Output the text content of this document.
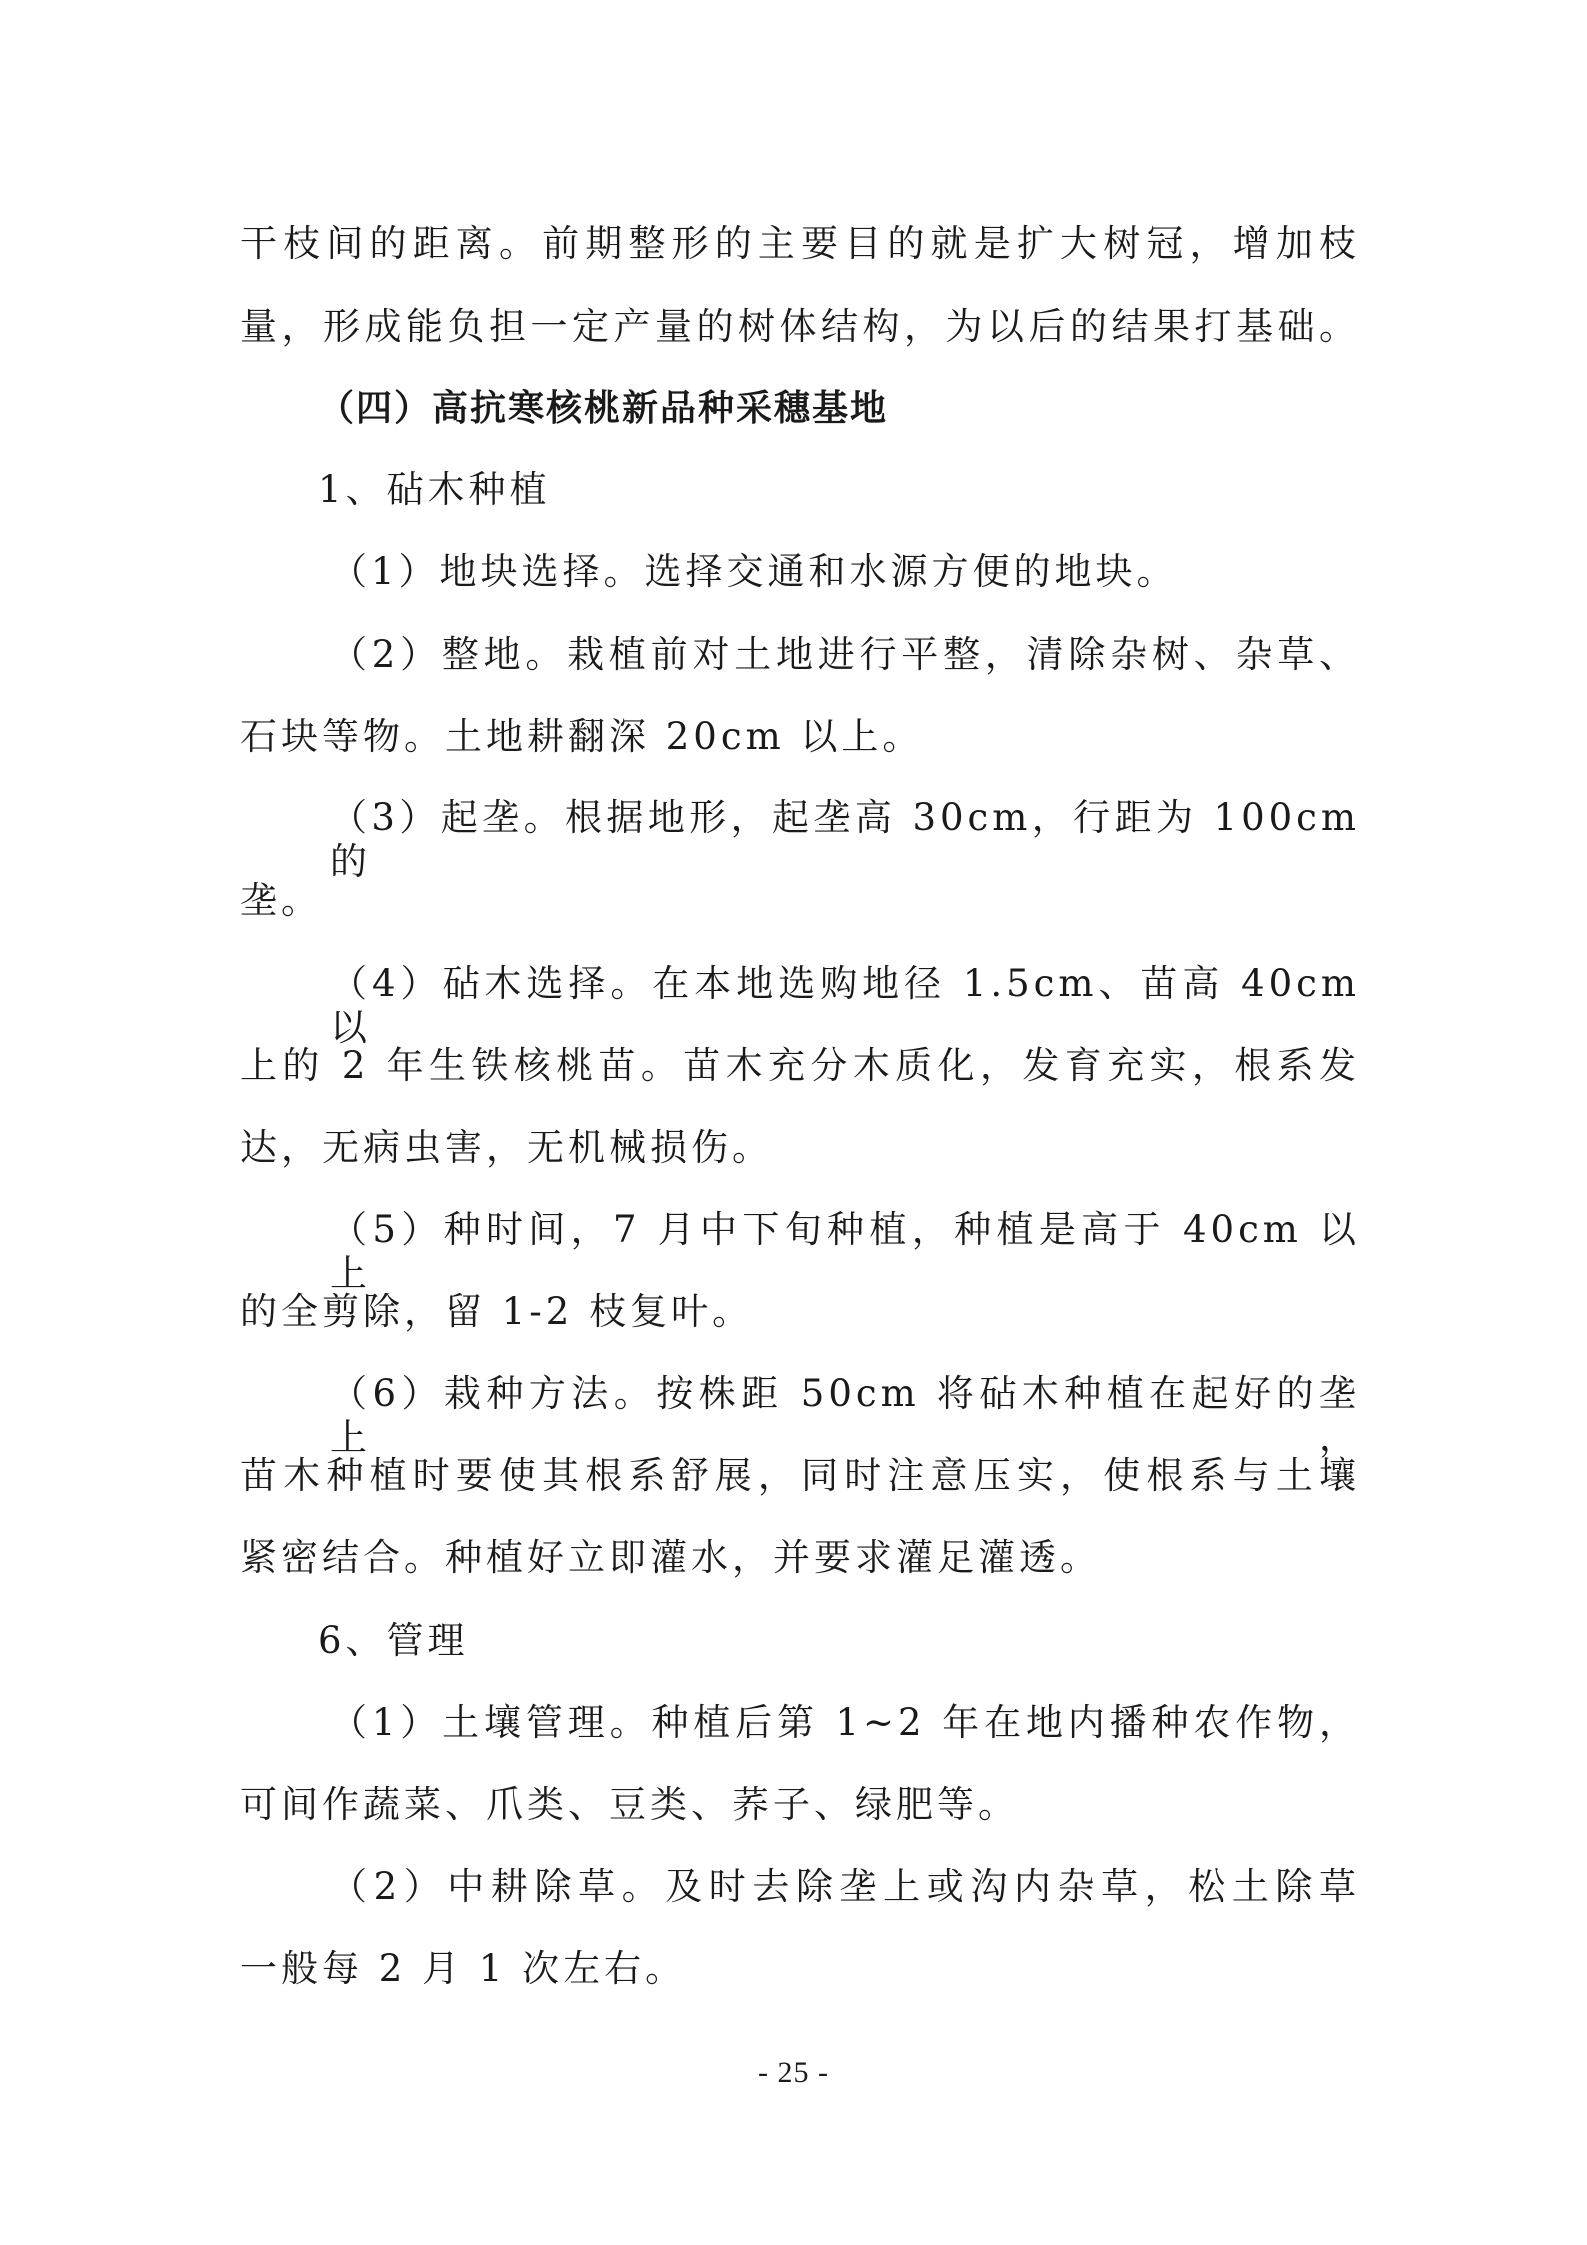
干枝间的距离。前期整形的主要目的就是扩大树冠，增加枝
量，形成能负担一定产量的树体结构，为以后的结果打基础。
（四）高抗寒核桃新品种采穗基地
1、砧木种植
（1）地块选择。选择交通和水源方便的地块。
（2）整地。栽植前对土地进行平整，清除杂树、杂草、
石块等物。土地耕翻深 20cm 以上。
（3）起垄。根据地形，起垄高 30cm，行距为 100cm 的
垄。
（4）砧木选择。在本地选购地径 1.5cm、苗高 40cm 以
上的 2 年生铁核桃苗。苗木充分木质化，发育充实，根系发
达，无病虫害，无机械损伤。
（5）种时间，7 月中下旬种植，种植是高于 40cm 以上
的全剪除，留 1-2 枝复叶。
（6）栽种方法。按株距 50cm 将砧木种植在起好的垄上，
苗木种植时要使其根系舒展，同时注意压实，使根系与土壤
紧密结合。种植好立即灌水，并要求灌足灌透。
6、管理
（1）土壤管理。种植后第 1~2 年在地内播种农作物，
可间作蔬菜、爪类、豆类、荞子、绿肥等。
（2）中耕除草。及时去除垄上或沟内杂草，松土除草
一般每 2 月 1 次左右。
- 25 -
